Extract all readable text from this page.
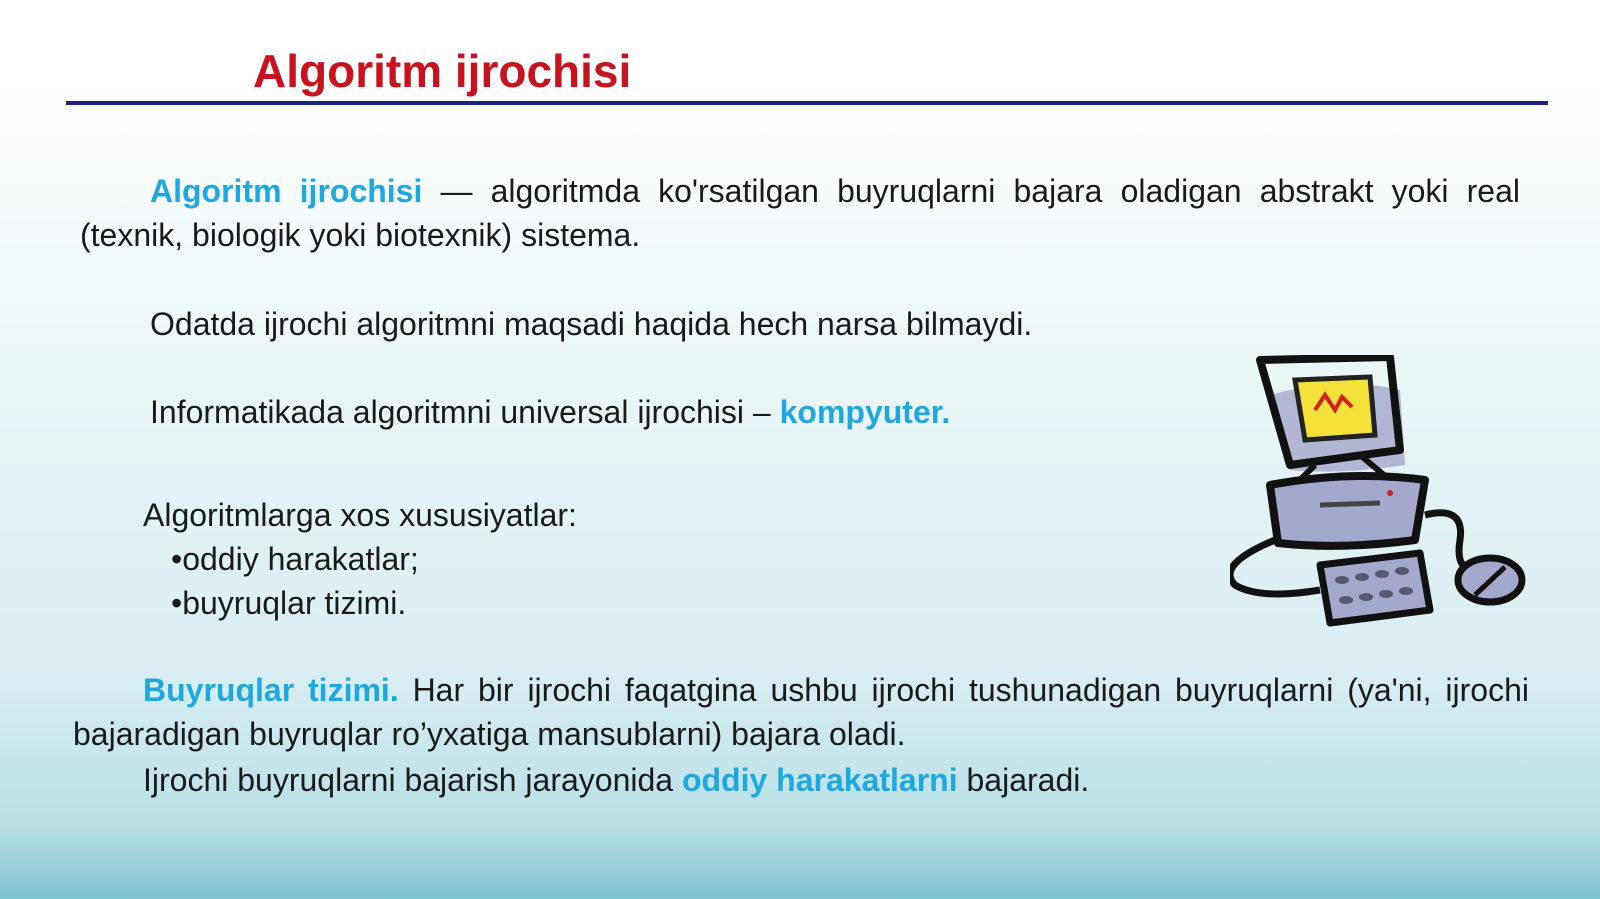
Algoritm ijrochisi

Algoritm ijrochisi — algoritmda ko'rsatilgan buyruqlarni bajara oladigan abstrakt yoki real (texnik, biologik yoki biotexnik) sistema.

Odatda ijrochi algoritmni maqsadi haqida hech narsa bilmaydi.

Informatikada algoritmni universal ijrochisi – kompyuter.

Algoritmlarga xos xususiyatlar:
•oddiy harakatlar;
•buyruqlar tizimi.

Buyruqlar tizimi. Har bir ijrochi faqatgina ushbu ijrochi tushunadigan buyruqlarni (ya'ni, ijrochi bajaradigan buyruqlar ro’yxatiga mansublarni) bajara oladi.

Ijrochi buyruqlarni bajarish jarayonida oddiy harakatlarni bajaradi.
